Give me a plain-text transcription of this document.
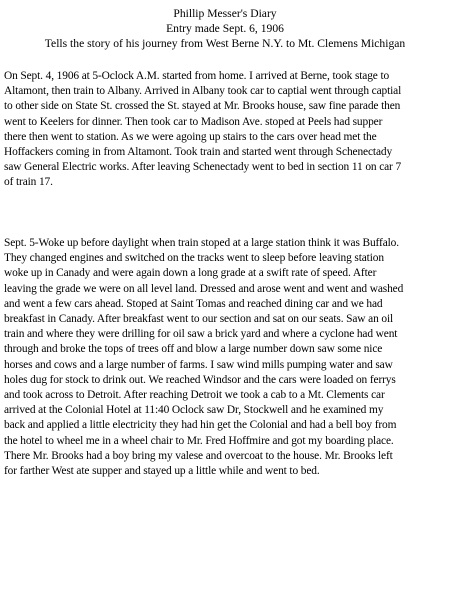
Phillip Messer's Diary
Entry made Sept. 6, 1906
Tells the story of his journey from West Berne N.Y. to Mt. Clemens Michigan

On Sept. 4, 1906 at 5-Oclock A.M. started from home. I arrived at Berne, took stage to
Altamont, then train to Albany. Arrived in Albany took car to captial went through captial
to other side on State St. crossed the St. stayed at Mr. Brooks house, saw fine parade then
went to Keelers for dinner. Then took car to Madison Ave. stoped at Peels had supper
there then went to station. As we were agoing up stairs to the cars over head met the
Hoffackers coming in from Altamont. Took train and started went through Schenectady
saw General Electric works. After leaving Schenectady went to bed in section 11 on car 7
of train 17.

Sept. 5-Woke up before daylight when train stoped at a large station think it was Buffalo.
They changed engines and switched on the tracks went to sleep before leaving station
woke up in Canady and were again down a long grade at a swift rate of speed. After
leaving the grade we were on all level land. Dressed and arose went and went and washed
and went a few cars ahead. Stoped at Saint Tomas and reached dining car and we had
breakfast in Canady. After breakfast went to our section and sat on our seats. Saw an oil
train and where they were drilling for oil saw a brick yard and where a cyclone had went
through and broke the tops of trees off and blow a large number down saw some nice
horses and cows and a large number of farms. I saw wind mills pumping water and saw
holes dug for stock to drink out. We reached Windsor and the cars were loaded on ferrys
and took across to Detroit. After reaching Detroit we took a cab to a Mt. Clements car
arrived at the Colonial Hotel at 11:40 Oclock saw Dr, Stockwell and he examined my
back and applied a little electricity they had hin get the Colonial and had a bell boy from
the hotel to wheel me in a wheel chair to Mr. Fred Hoffmire and got my boarding place.
There Mr. Brooks had a boy bring my valese and overcoat to the house. Mr. Brooks left
for farther West ate supper and stayed up a little while and went to bed.
